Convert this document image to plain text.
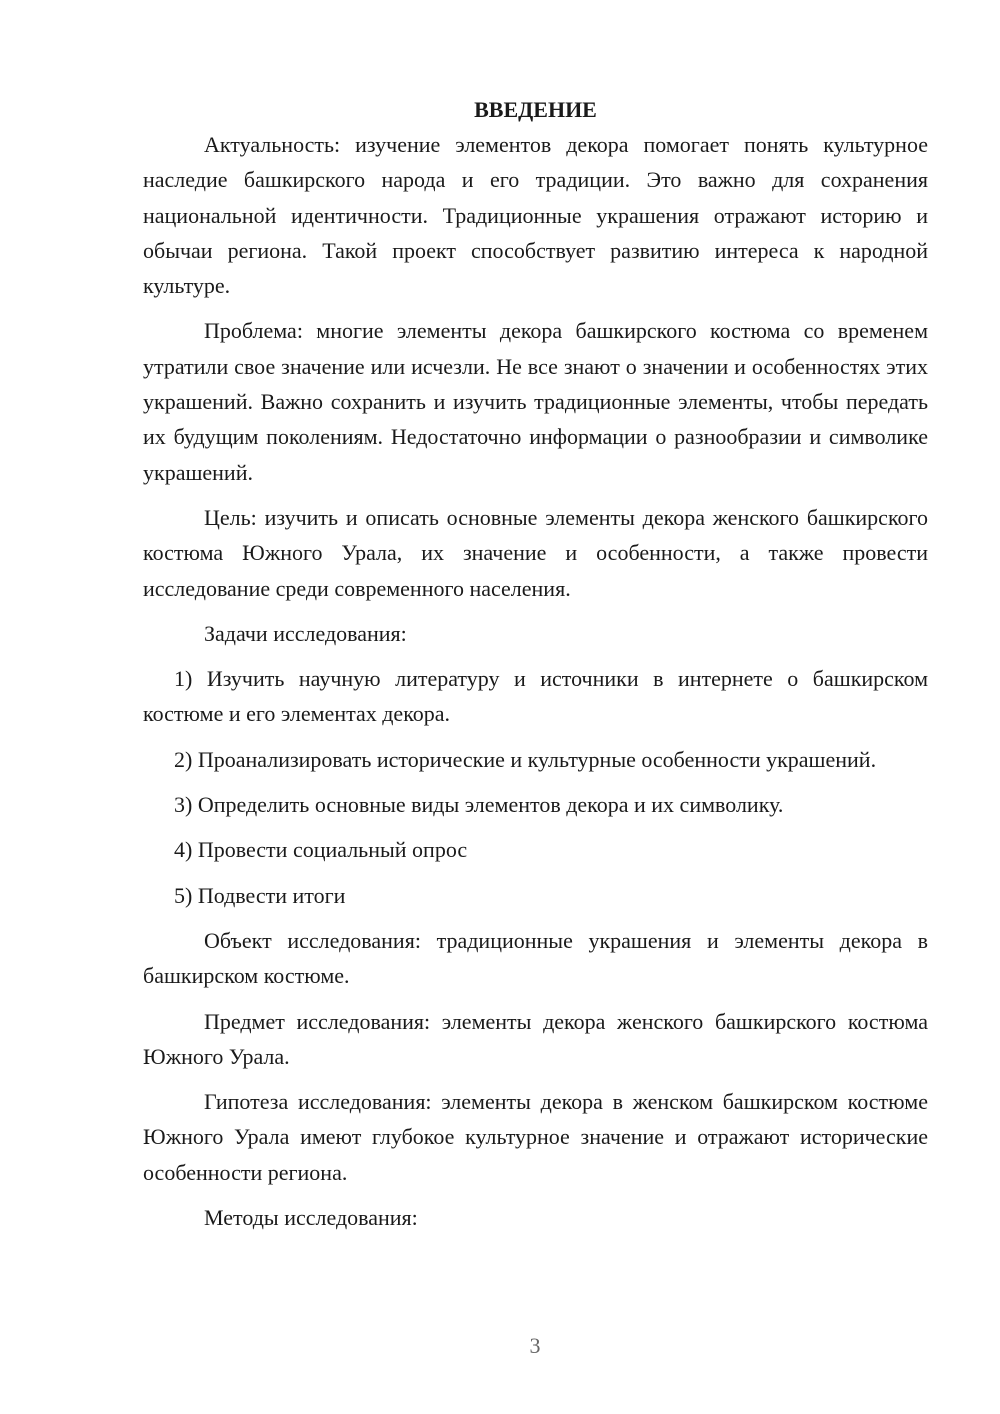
ВВЕДЕНИЕ

Актуальность: изучение элементов декора помогает понять культурное наследие башкирского народа и его традиции. Это важно для сохранения национальной идентичности. Традиционные украшения отражают историю и обычаи региона. Такой проект способствует развитию интереса к народной культуре.

Проблема: многие элементы декора башкирского костюма со временем утратили свое значение или исчезли. Не все знают о значении и особенностях этих украшений. Важно сохранить и изучить традиционные элементы, чтобы передать их будущим поколениям. Недостаточно информации о разнообразии и символике украшений.

Цель: изучить и описать основные элементы декора женского башкирского костюма Южного Урала, их значение и особенности, а также провести исследование среди современного населения.

Задачи исследования:

1) Изучить научную литературу и источники в интернете о башкирском костюме и его элементах декора.

2) Проанализировать исторические и культурные особенности украшений.

3) Определить основные виды элементов декора и их символику.

4) Провести социальный опрос

5) Подвести итоги

Объект исследования: традиционные украшения и элементы декора в башкирском костюме.

Предмет исследования: элементы декора женского башкирского костюма Южного Урала.

Гипотеза исследования: элементы декора в женском башкирском костюме Южного Урала имеют глубокое культурное значение и отражают исторические особенности региона.

Методы исследования:

3
